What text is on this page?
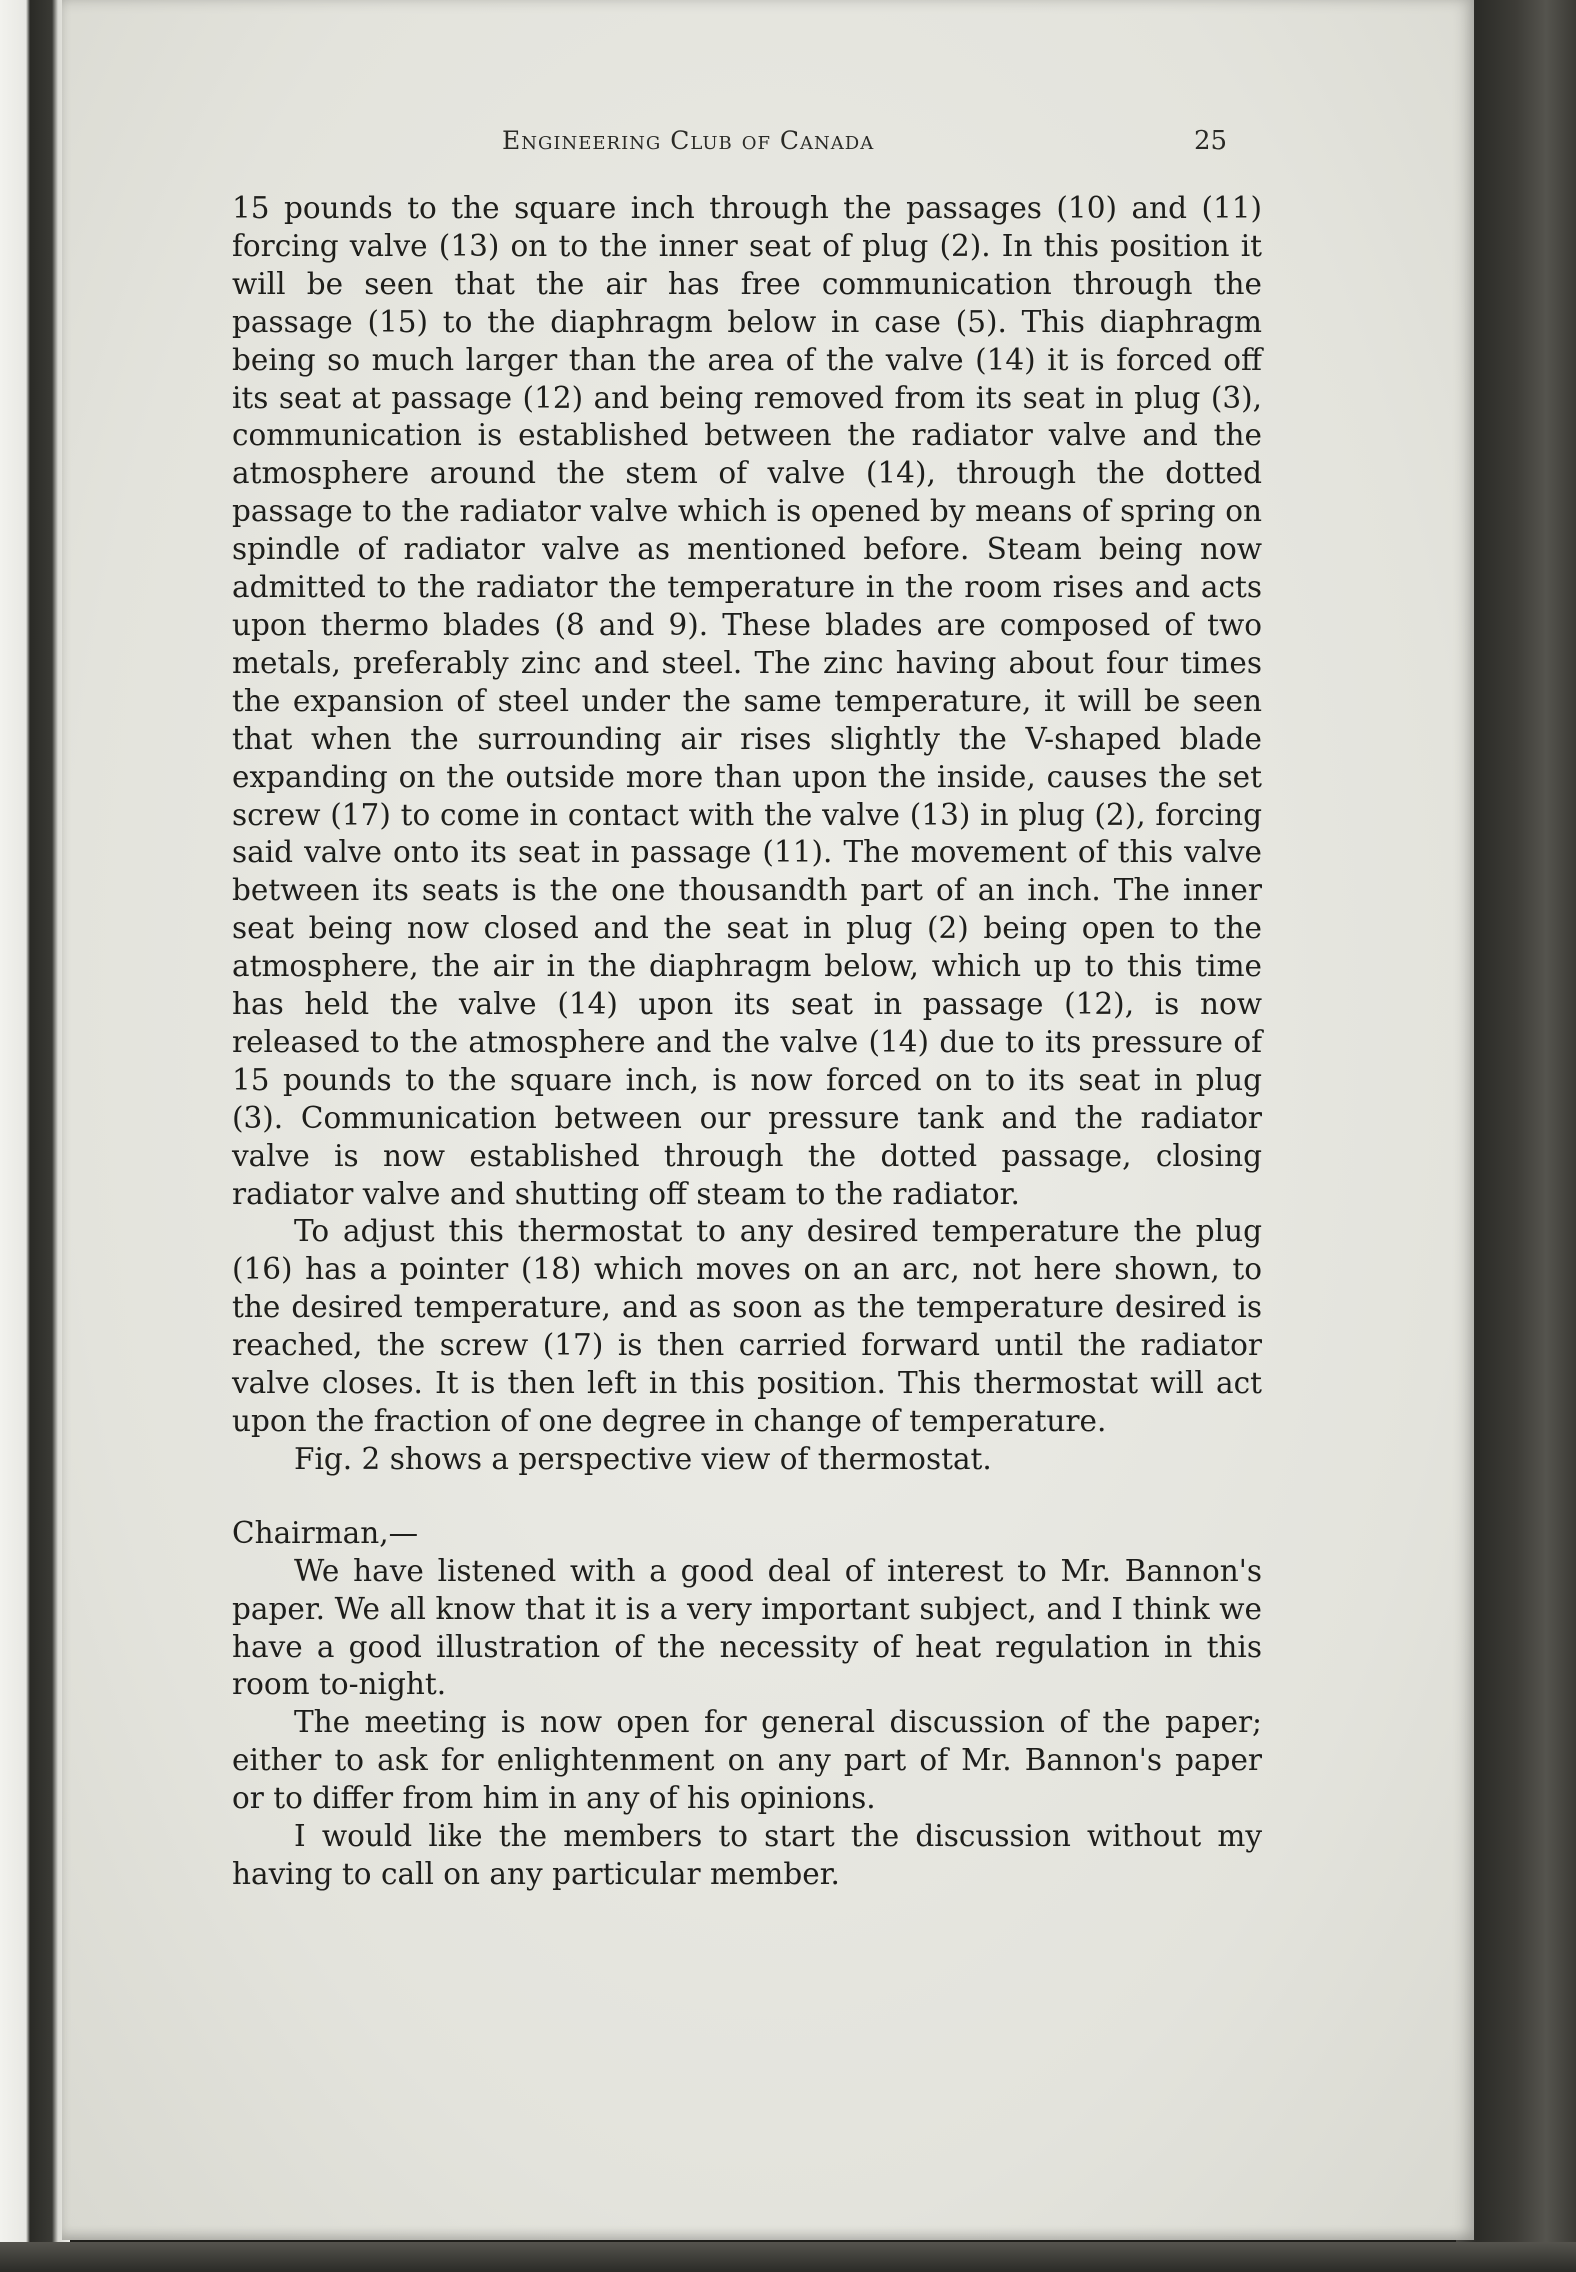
Engineering Club of Canada	25

15 pounds to the square inch through the passages (10) and (11) forcing valve (13) on to the inner seat of plug (2). In this position it will be seen that the air has free communication through the passage (15) to the diaphragm below in case (5). This diaphragm being so much larger than the area of the valve (14) it is forced off its seat at passage (12) and being removed from its seat in plug (3), communication is established between the radiator valve and the atmosphere around the stem of valve (14), through the dotted passage to the radiator valve which is opened by means of spring on spindle of radiator valve as mentioned before. Steam being now admitted to the radiator the temperature in the room rises and acts upon thermo blades (8 and 9). These blades are composed of two metals, preferably zinc and steel. The zinc having about four times the expansion of steel under the same temperature, it will be seen that when the surrounding air rises slightly the V-shaped blade expanding on the outside more than upon the inside, causes the set screw (17) to come in contact with the valve (13) in plug (2), forcing said valve onto its seat in passage (11). The movement of this valve between its seats is the one thousandth part of an inch. The inner seat being now closed and the seat in plug (2) being open to the atmosphere, the air in the diaphragm below, which up to this time has held the valve (14) upon its seat in passage (12), is now released to the atmosphere and the valve (14) due to its pressure of 15 pounds to the square inch, is now forced on to its seat in plug (3). Communication between our pressure tank and the radiator valve is now established through the dotted passage, closing radiator valve and shutting off steam to the radiator.

To adjust this thermostat to any desired temperature the plug (16) has a pointer (18) which moves on an arc, not here shown, to the desired temperature, and as soon as the temperature desired is reached, the screw (17) is then carried forward until the radiator valve closes. It is then left in this position. This thermostat will act upon the fraction of one degree in change of temperature.

Fig. 2 shows a perspective view of thermostat.

Chairman,—

We have listened with a good deal of interest to Mr. Bannon's paper. We all know that it is a very important subject, and I think we have a good illustration of the necessity of heat regulation in this room to-night.

The meeting is now open for general discussion of the paper; either to ask for enlightenment on any part of Mr. Bannon's paper or to differ from him in any of his opinions.

I would like the members to start the discussion without my having to call on any particular member.
